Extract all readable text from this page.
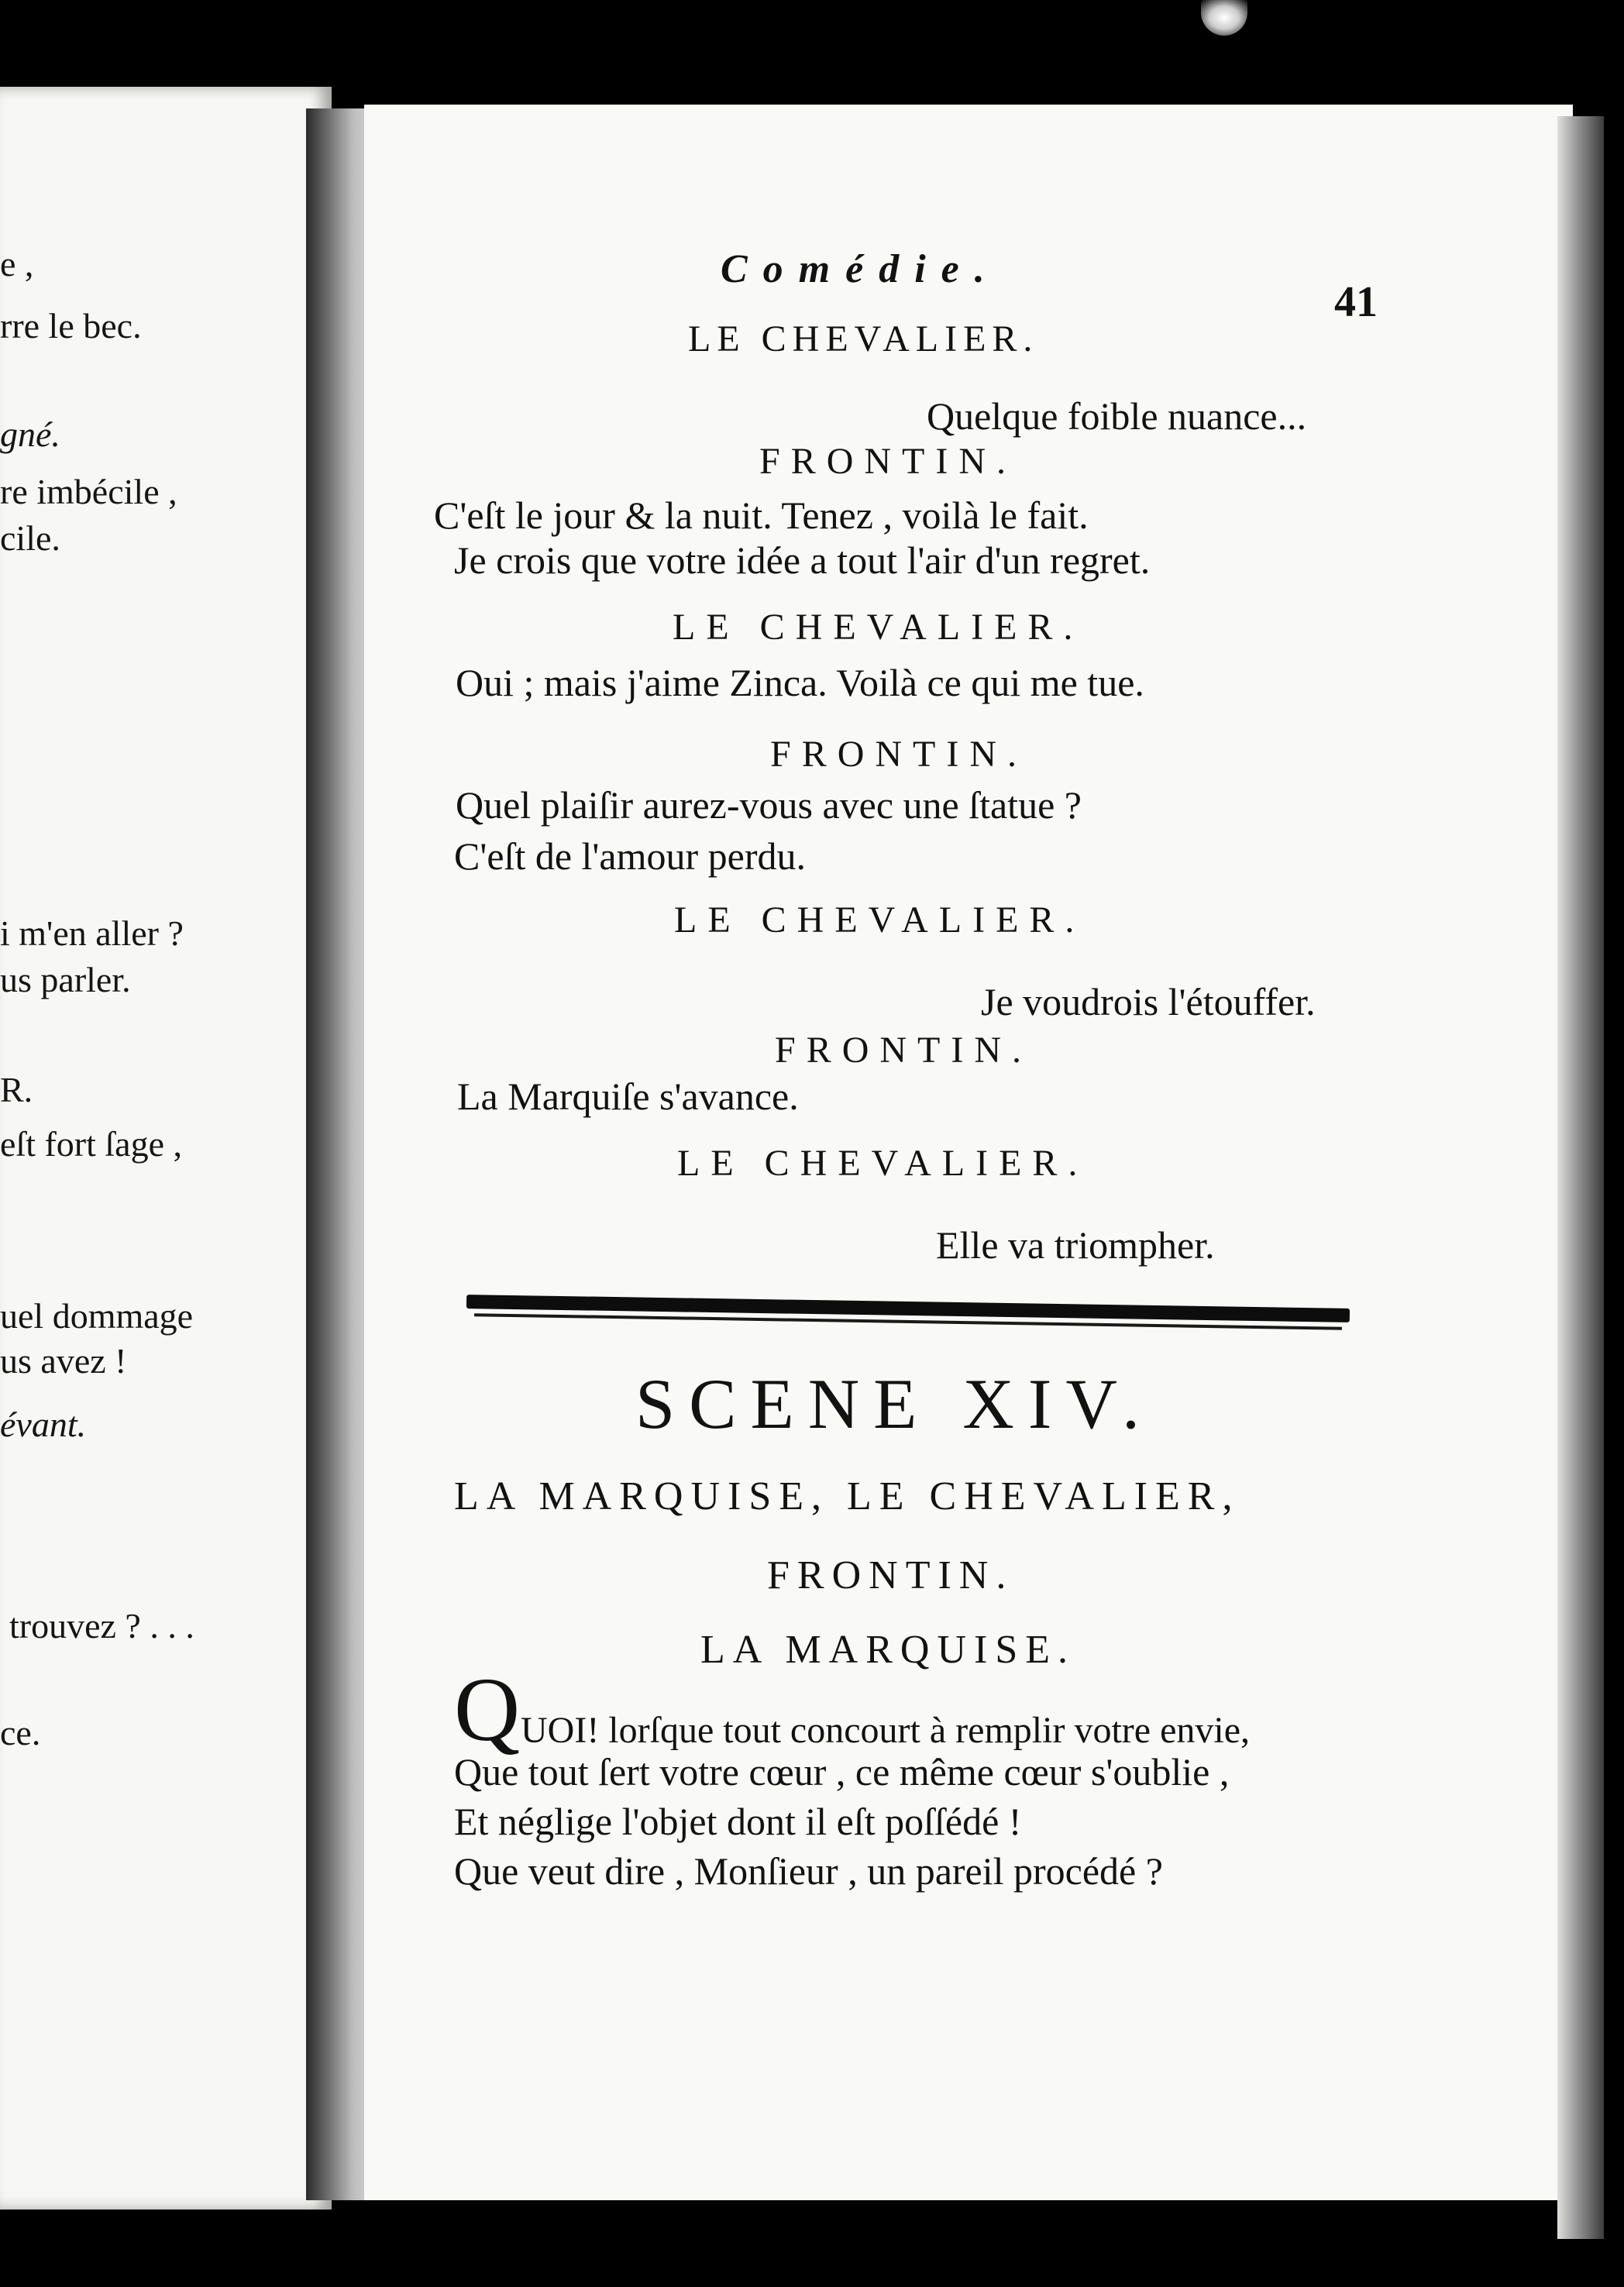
e ,
rre le bec.
gné.
re imbécile ,
cile.
i m'en aller ?
us parler.
R.
eſt fort ſage ,
uel dommage
us avez !
évant.
trouvez ? . . .
ce.
Comédie.
41
LE CHEVALIER.
Quelque foible nuance...
FRONTIN.
C'eſt le jour & la nuit. Tenez , voilà le fait.
Je crois que votre idée a tout l'air d'un regret.
LE CHEVALIER.
Oui ; mais j'aime Zinca. Voilà ce qui me tue.
FRONTIN.
Quel plaiſir aurez-vous avec une ſtatue ?
C'eſt de l'amour perdu.
LE CHEVALIER.
Je voudrois l'étouffer.
FRONTIN.
La Marquiſe s'avance.
LE CHEVALIER.
Elle va triompher.
SCENE XIV.
LA MARQUISE, LE CHEVALIER,
FRONTIN.
LA MARQUISE.
Q UOI! lorſque tout concourt à remplir votre envie,
Que tout ſert votre cœur , ce même cœur s'oublie ,
Et néglige l'objet dont il eſt poſſédé !
Que veut dire , Monſieur , un pareil procédé ?
